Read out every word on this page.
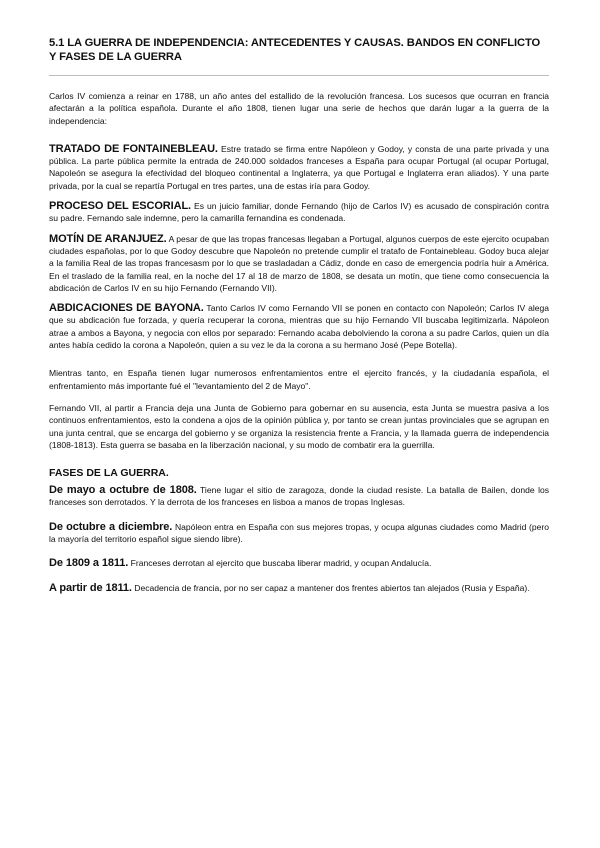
5.1 LA GUERRA DE INDEPENDENCIA: ANTECEDENTES Y CAUSAS. BANDOS EN CONFLICTO Y FASES DE LA GUERRA

Carlos IV comienza a reinar en 1788, un año antes del estallido de la revolución francesa. Los sucesos que ocurran en francia afectarán a la política española. Durante el año 1808, tienen lugar una serie de hechos que darán lugar a la guerra de la independencia:

TRATADO DE FONTAINEBLEAU. Estre tratado se firma entre Napóleon y Godoy, y consta de una parte privada y una pública. La parte pública permite la entrada de 240.000 soldados franceses a España para ocupar Portugal (al ocupar Portugal, Napoleón se asegura la efectividad del bloqueo continental a Inglaterra, ya que Portugal e Inglaterra eran aliados). Y una parte privada, por la cual se repartía Portugal en tres partes, una de estas iría para Godoy.

PROCESO DEL ESCORIAL. Es un juicio familiar, donde Fernando (hijo de Carlos IV) es acusado de conspiración contra su padre. Fernando sale indemne, pero la camarilla fernandina es condenada.

MOTÍN DE ARANJUEZ. A pesar de que las tropas francesas llegaban a Portugal, algunos cuerpos de este ejercito ocupaban ciudades españolas, por lo que Godoy descubre que Napoleón no pretende cumplir el tratafo de Fontainebleau. Godoy buca alejar a la familia Real de las tropas francesasm por lo que se trasladadan a Cádiz, donde en caso de emergencia podría huir a América. En el traslado de la familia real, en la noche del 17 al 18 de marzo de 1808, se desata un motín, que tiene como consecuencia la abdicación de Carlos IV en su hijo Fernando (Fernando VII).

ABDICACIONES DE BAYONA. Tanto Carlos IV como Fernando VII se ponen en contacto con Napoleón; Carlos IV alega que su abdicación fue forzada, y quería recuperar la corona, mientras que su hijo Fernando VII buscaba legitimizarla. Nápoleon atrae a ambos a Bayona, y negocia con ellos por separado: Fernando acaba debolviendo la corona a su padre Carlos, quien un día antes había cedido la corona a Napoleón, quien a su vez le da la corona a su hermano José (Pepe Botella).

Mientras tanto, en España tienen lugar numerosos enfrentamientos entre el ejercito francés, y la ciudadanía española, el enfrentamiento más importante fué el "levantamiento del 2 de Mayo".

Fernando VII, al partir a Francia deja una Junta de Gobierno para gobernar en su ausencia, esta Junta se muestra pasiva a los continuos enfrentamientos, esto la condena a ojos de la opinión pública y, por tanto se crean juntas provinciales que se agrupan en una junta central, que se encarga del gobierno y se organiza la resistencia frente a Francia, y la llamada guerra de independencia (1808-1813). Esta guerra se basaba en la liberzación nacional, y su modo de combatir era la guerrilla.

FASES DE LA GUERRA.

De mayo a octubre de 1808. Tiene lugar el sitio de zaragoza, donde la ciudad resiste. La batalla de Bailen, donde los franceses son derrotados. Y la derrota de los franceses en lisboa a manos de tropas Inglesas.

De octubre a diciembre. Napóleon entra en España con sus mejores tropas, y ocupa algunas ciudades como Madrid (pero la mayoría del territorio español sigue siendo libre).

De 1809 a 1811. Franceses derrotan al ejercito que buscaba liberar madrid, y ocupan Andalucía.

A partir de 1811. Decadencia de francia, por no ser capaz a mantener dos frentes abiertos tan alejados (Rusia y España).
